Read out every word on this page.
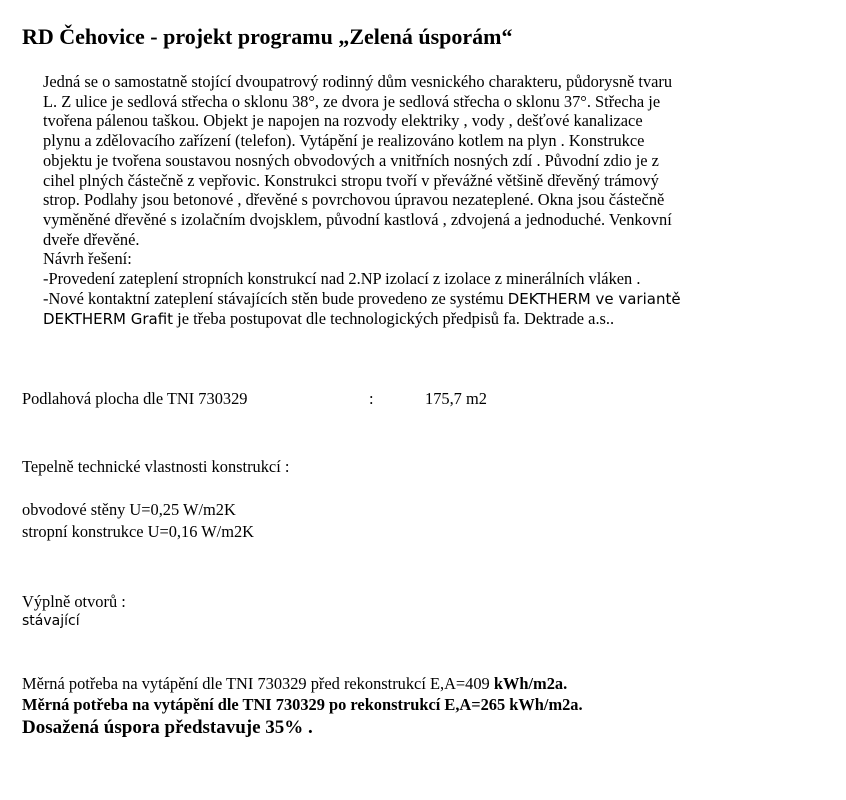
RD Čehovice - projekt programu „Zelená úsporám“
Jedná se o samostatně stojící dvoupatrový rodinný dům vesnického charakteru, půdorysně tvaru
L. Z ulice je sedlová střecha o sklonu 38°, ze dvora je sedlová střecha o sklonu 37°. Střecha je
tvořena pálenou taškou. Objekt je napojen na rozvody elektriky , vody , dešťové kanalizace
plynu a zdělovacího zařízení (telefon). Vytápění je realizováno kotlem na plyn . Konstrukce
objektu je tvořena soustavou nosných obvodových a vnitřních nosných zdí . Původní zdio je z
cihel plných částečně z vepřovic. Konstrukci stropu tvoří v převážné většině dřevěný trámový
strop. Podlahy jsou betonové , dřevěné s povrchovou úpravou nezateplené. Okna jsou částečně
vyměněné dřevěné s izolačním dvojsklem, původní kastlová , zdvojená a jednoduché. Venkovní
dveře dřevěné.
Návrh řešení:
-Provedení zateplení stropních konstrukcí nad 2.NP izolací z izolace z minerálních vláken .
-Nové kontaktní zateplení stávajících stěn bude provedeno ze systému DEKTHERM ve variantě
DEKTHERM Grafit je třeba postupovat dle technologických předpisů fa. Dektrade a.s..
Podlahová plocha dle TNI 730329	:	175,7 m2
Tepelně technické vlastnosti konstrukcí :
obvodové stěny U=0,25 W/m2K
stropní konstrukce U=0,16 W/m2K
Výplně otvorů :
stávající
Měrná potřeba na vytápění dle TNI 730329 před rekonstrukcí E,A=409 kWh/m2a.
Měrná potřeba na vytápění dle TNI 730329 po rekonstrukcí E,A=265 kWh/m2a.
Dosažená úspora představuje 35% .
